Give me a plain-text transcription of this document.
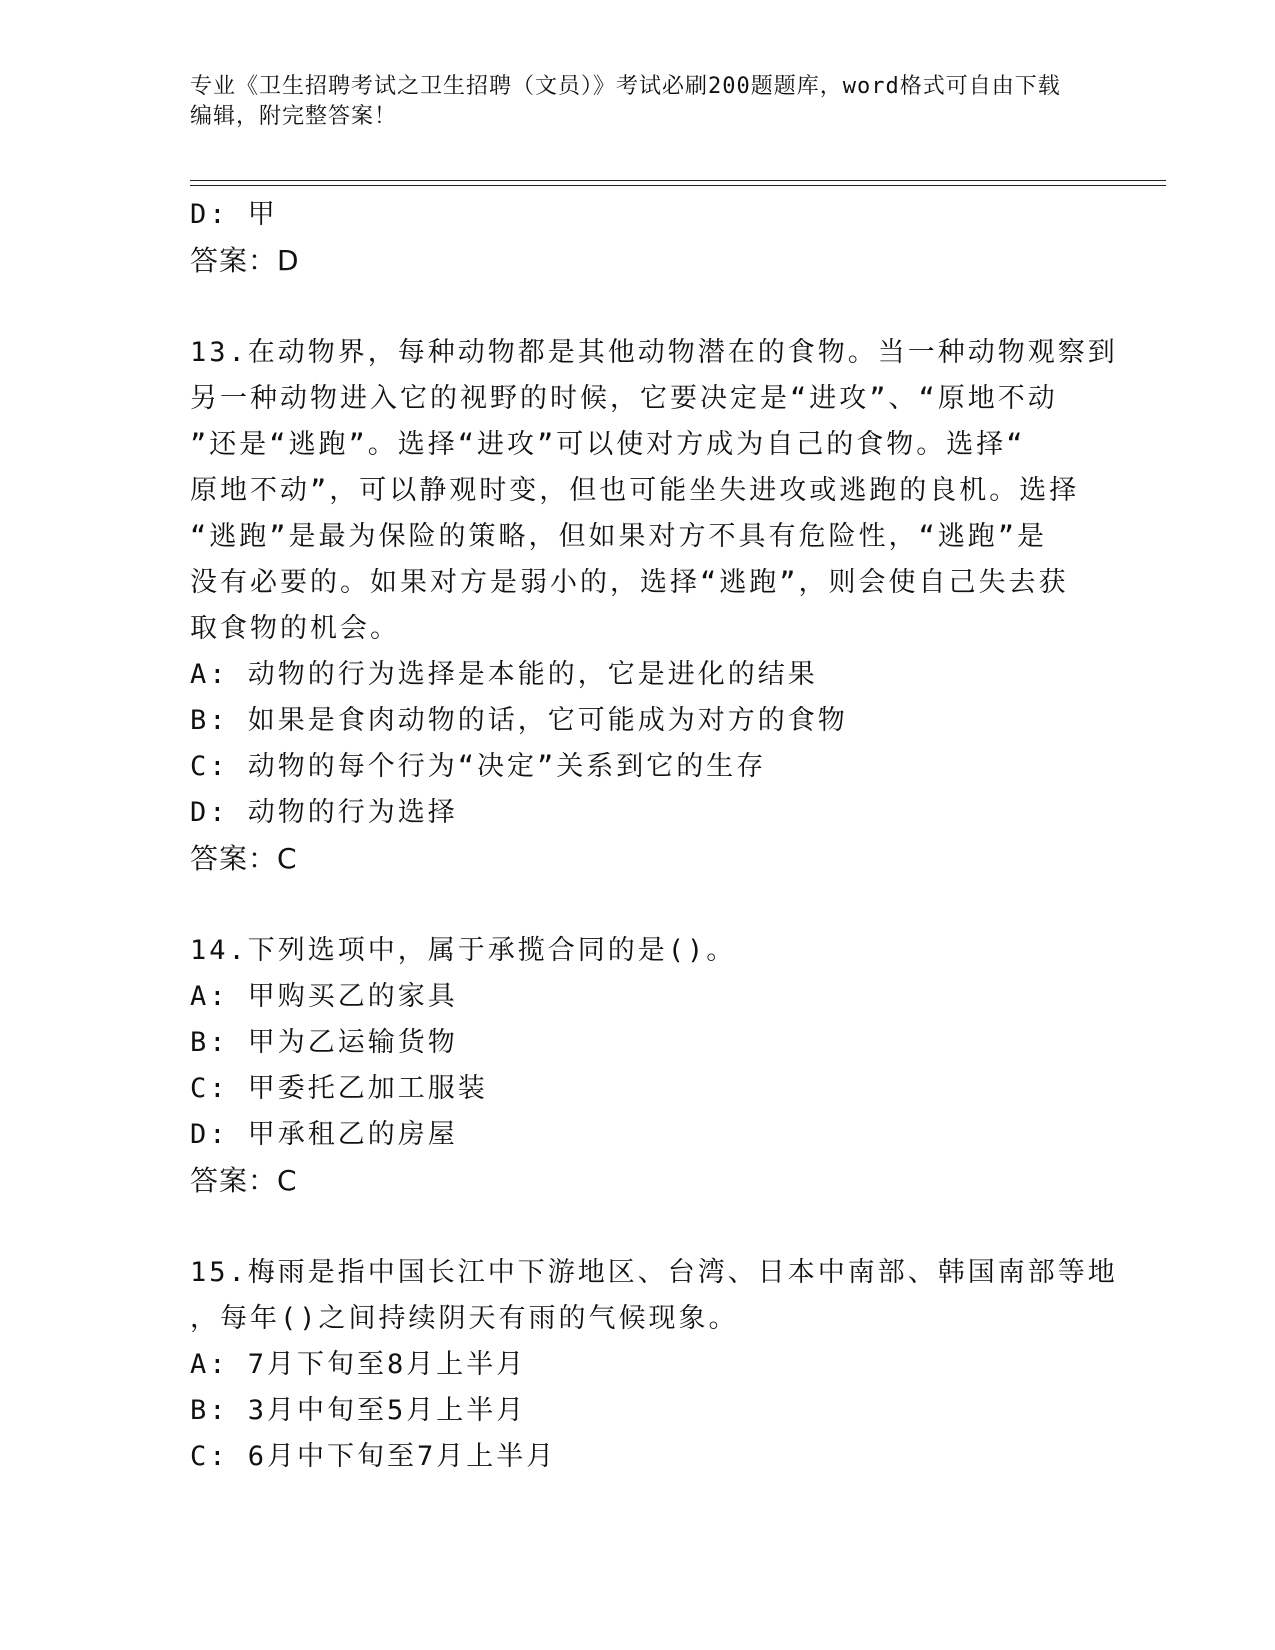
专业《卫生招聘考试之卫生招聘（文员）》考试必刷200题题库，word格式可自由下载编辑，附完整答案！
D: 甲
答案：D
13.在动物界，每种动物都是其他动物潜在的食物。当一种动物观察到
另一种动物进入它的视野的时候，它要决定是“进攻”、“原地不动
”还是“逃跑”。选择“进攻”可以使对方成为自己的食物。选择“
原地不动”，可以静观时变，但也可能坐失进攻或逃跑的良机。选择
“逃跑”是最为保险的策略，但如果对方不具有危险性，“逃跑”是
没有必要的。如果对方是弱小的，选择“逃跑”，则会使自己失去获
取食物的机会。
A: 动物的行为选择是本能的，它是进化的结果
B: 如果是食肉动物的话，它可能成为对方的食物
C: 动物的每个行为“决定”关系到它的生存
D: 动物的行为选择
答案：C
14.下列选项中，属于承揽合同的是()。
A: 甲购买乙的家具
B: 甲为乙运输货物
C: 甲委托乙加工服装
D: 甲承租乙的房屋
答案：C
15.梅雨是指中国长江中下游地区、台湾、日本中南部、韩国南部等地
，每年()之间持续阴天有雨的气候现象。
A: 7月下旬至8月上半月
B: 3月中旬至5月上半月
C: 6月中下旬至7月上半月
